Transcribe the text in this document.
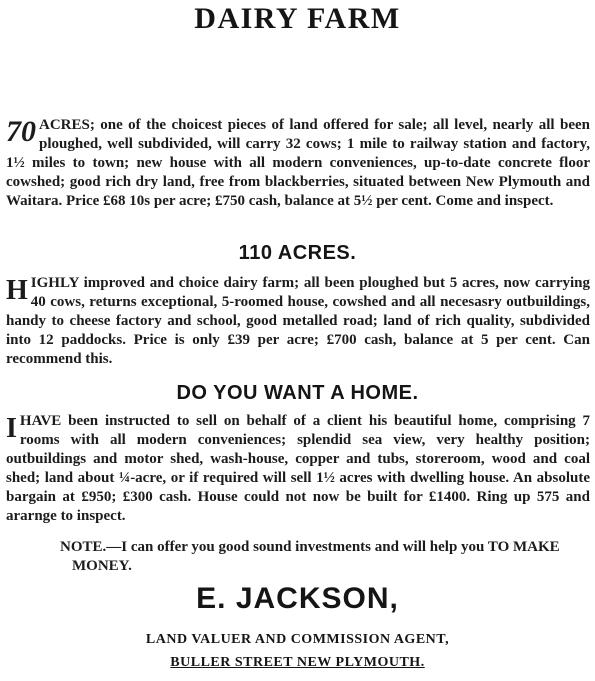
DAIRY FARM

70 ACRES; one of the choicest pieces of land offered for sale; all level, nearly all been ploughed, well subdivided, will carry 32 cows; 1 mile to railway station and factory, 1½ miles to town; new house with all modern conveniences, up-to-date concrete floor cowshed; good rich dry land, free from blackberries, situated between New Plymouth and Waitara. Price £68 10s per acre; £750 cash, balance at 5½ per cent. Come and inspect.

110 ACRES.

H IGHLY improved and choice dairy farm; all been ploughed but 5 acres, now carrying 40 cows, returns exceptional, 5-roomed house, cowshed and all necesasry outbuildings, handy to cheese factory and school, good metalled road; land of rich quality, subdivided into 12 paddocks. Price is only £39 per acre; £700 cash, balance at 5 per cent. Can recommend this.

DO YOU WANT A HOME.

I HAVE been instructed to sell on behalf of a client his beautiful home, comprising 7 rooms with all modern conveniences; splendid sea view, very healthy position; outbuildings and motor shed, wash-house, copper and tubs, storeroom, wood and coal shed; land about ¼-acre, or if required will sell 1½ acres with dwelling house. An absolute bargain at £950; £300 cash. House could not now be built for £1400. Ring up 575 and ararnge to inspect.

NOTE.—I can offer you good sound investments and will help you TO MAKE
MONEY.

E. JACKSON,
LAND VALUER AND COMMISSION AGENT,
BULLER STREET NEW PLYMOUTH.
